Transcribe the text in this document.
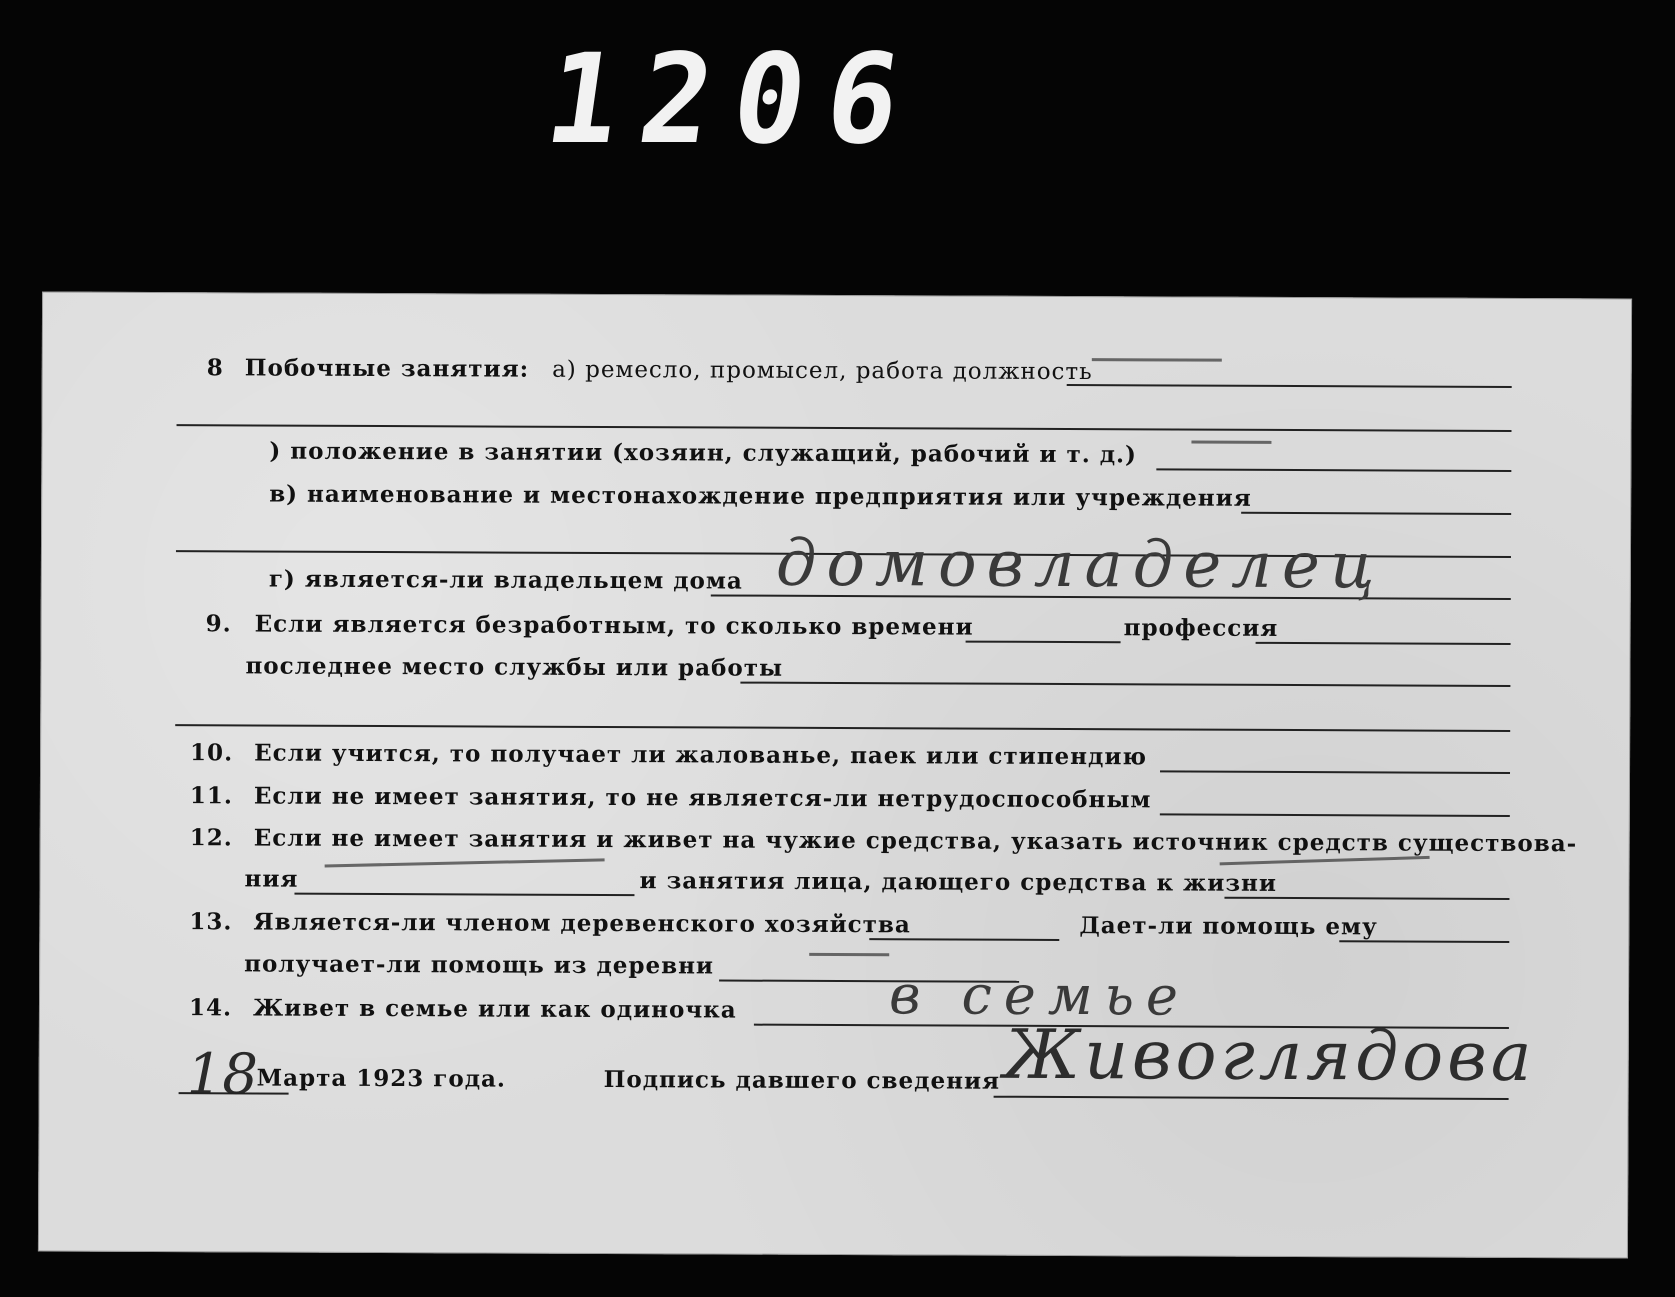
1206
8 Побочные занятия: а) ремесло, промысел, работа должность
) положение в занятии (хозяин, служащий, рабочий и т. д.)
в) наименование и местонахождение предприятия или учреждения
г) является-ли владельцем дома домовладелец
9. Если является безработным, то сколько времени	профессия
последнее место службы или работы
10. Если учится, то получает ли жалованье, паек или стипендию
11. Если не имеет занятия, то не является-ли нетрудоспособным
12. Если не имеет занятия и живет на чужие средства, указать источник средств существова-
ния	и занятия лица, дающего средства к жизни
13. Является-ли членом деревенского хозяйства	Дает-ли помощь ему
получает-ли помощь из деревни
14. Живет в семье или как одиночка	в семье
18
Марта 1923 года.	Подпись давшего сведения Живоглядова
